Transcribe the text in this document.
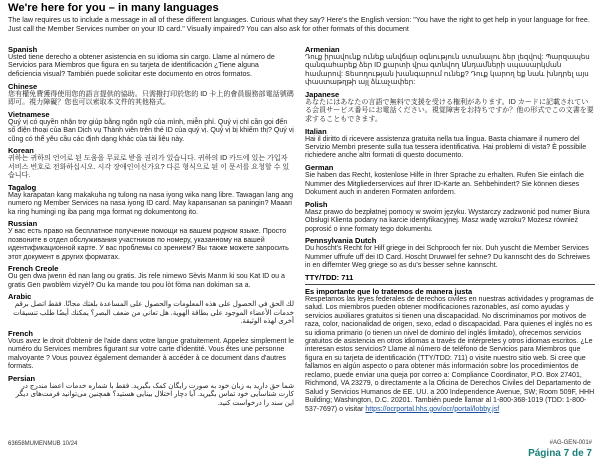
We're here for you – in many languages
The law requires us to include a message in all of these different languages. Curious what they say? Here's the English version: "You have the right to get help in your language for free. Just call the Member Services number on your ID card." Visually impaired? You can also ask for other formats of this document
Spanish
Usted tiene derecho a obtener asistencia en su idioma sin cargo. Llame al número de Servicios para Miembros que figura en su tarjeta de identificación ¿Tiene alguna deficiencia visual? También puede solicitar este documento en otros formatos.
Chinese
您有權免費獲得使用您的語言提供的協助。只需撥打印於您的 ID 卡上的會員服務部電話號碼即可。視力障礙？您也可以索取本文件的其他格式。
Vietnamese
Quý vị có quyền nhận trợ giúp bằng ngôn ngữ của mình, miễn phí. Quý vị chỉ cần gọi đến số điện thoại của Ban Dịch vụ Thành viên trên thẻ ID của quý vị. Quý vị bị khiếm thị? Quý vị cũng có thể yêu cầu các định dạng khác của tài liệu này.
Korean
귀하는 귀하의 언어로 된 도움을 무료로 받을 권리가 있습니다. 귀하의 ID 카드에 있는 가입자 서비스 번호로 전화하십시오. 시각 장애인이신가요? 다른 형식으로 된 이 문서를 요청할 수 있습니다.
Tagalog
May karapatan kang makakuha ng tulong na nasa iyong wika nang libre. Tawagan lang ang numero ng Member Services na nasa iyong ID card. May kapansanan sa paningin? Maaari ka ring humingi ng iba pang mga format ng dokumentong ito.
Russian
У вас есть право на бесплатное получение помощи на вашем родном языке. Просто позвоните в отдел обслуживания участников по номеру, указанному на вашей идентификационной карте. У вас проблемы со зрением? Вы также можете запросить этот документ в других форматах.
French Creole
Ou gen dwa jwenn èd nan lang ou gratis. Jis rele nimewo Sèvis Manm ki sou Kat ID ou a gratis Gen pwoblèm vizyèl? Ou ka mande tou pou lòt fòma nan dokiman sa a.
Arabic
لك الحق في الحصول على هذه المعلومات والحصول على المساعدة بلغتك مجانًا. فقط اتصل برقم خدمات الأعضاء الموجود على بطاقة الهوية. هل تعاني من ضعف البصر؟ يمكنك أيضًا طلب تنسيقات أخرى لهذه الوثيقة.
French
Vous avez le droit d'obtenir de l'aide dans votre langue gratuitement. Appelez simplement le numéro du Services membres figurant sur votre carte d'identité. Vous êtes une personne malvoyante ? Vous pouvez également demander à accéder à ce document dans d'autres formats.
Persian
شما حق دارید به زبان خود به صورت رایگان کمک بگیرید. فقط با شماره خدمات اعضا مندرج در کارت شناسایی خود تماس بگیرید. آیا دچار اختلال بینایی هستید؟ همچنین می‌توانید فرمت‌های دیگر این سند را درخواست کنید.
Armenian
Դուք իրավունք ունեք անվճար օգնություն ստանալու ձեր լեզվով: Պարզապես զանգահարեք ձեր ID քարտի վրա գտնվող Անդամների սպասարկման համարով: Տեսողության խանգարում ունեք? Դուք կարող եք նաև խնդրել այս փաստաթղթի այլ ձևաչափեր:
Japanese
あなたにはあなたの言語で無料で支援を受ける権利があります。ID カードに記載されている会員サービス番号にお電話ください。視覚障害をお持ちですか？他の形式でこの文書を要求することもできます。
Italian
Hai il diritto di ricevere assistenza gratuita nella tua lingua. Basta chiamare il numero del Servizio Membri presente sulla tua tessera identificativa. Hai problemi di vista? È possibile richiedere anche altri formati di questo documento.
German
Sie haben das Recht, kostenlose Hilfe in Ihrer Sprache zu erhalten. Rufen Sie einfach die Nummer des Mitgliederservices auf Ihrer ID-Karte an. Sehbehindert? Sie können dieses Dokument auch in anderen Formaten anfordern.
Polish
Masz prawo do bezpłatnej pomocy w swoim języku. Wystarczy zadzwonić pod numer Biura Obsługi Klienta podany na karcie identyfikacyjnej. Masz wadę wzroku? Możesz również poprosić o inne formaty tego dokumentu.
Pennsylvania Dutch
Du hoscht's Recht for Hilf griege in dei Schprooch fer nix. Duh yuscht die Member Services Nummer uffrufe uff dei ID Card. Hoscht Druwwel fer sehne? Du kannscht des do Schreiwes in en differnter Weg griege so as du's besser sehne kannscht.
TTY/TDD: 711
Es importante que lo tratemos de manera justa
Respetamos las leyes federales de derechos civiles en nuestras actividades y programas de salud. Los miembros pueden obtener modificaciones razonables, así como ayudas y servicios auxiliares gratuitos si tienen una discapacidad. No discriminamos por motivos de raza, color, nacionalidad de origen, sexo, edad o discapacidad. Para quienes el inglés no es su idioma primario (o tienen un nivel de dominio del inglés limitado), ofrecemos servicios gratuitos de asistencia en otros idiomas a través de intérpretes y otros idiomas escritos. ¿Le interesan estos servicios? Llame al número de teléfono de Servicios para Miembros que figura en su tarjeta de identificación (TTY/TDD: 711) o visite nuestro sitio web. Si cree que fallamos en algún aspecto o para obtener más información sobre los procedimientos de reclamo, puede enviar una queja por correo a: Compliance Coordinator, P.O. Box 27401, Richmond, VA 23279, o directamente a la Oficina de Derechos Civiles del Departamento de Salud y Servicios Humanos de EE. UU. a 200 Independence Avenue, SW; Room 509F, HHH Building; Washington, D.C. 20201. También puede llamar al 1-800-368-1019 (TDD: 1-800-537-7697) o visitar https://ocrportal.hhs.gov/ocr/portal/lobby.jsf
63658MUMENMUB 10/24	#AG-GEN-001#
Página 7 de 7
